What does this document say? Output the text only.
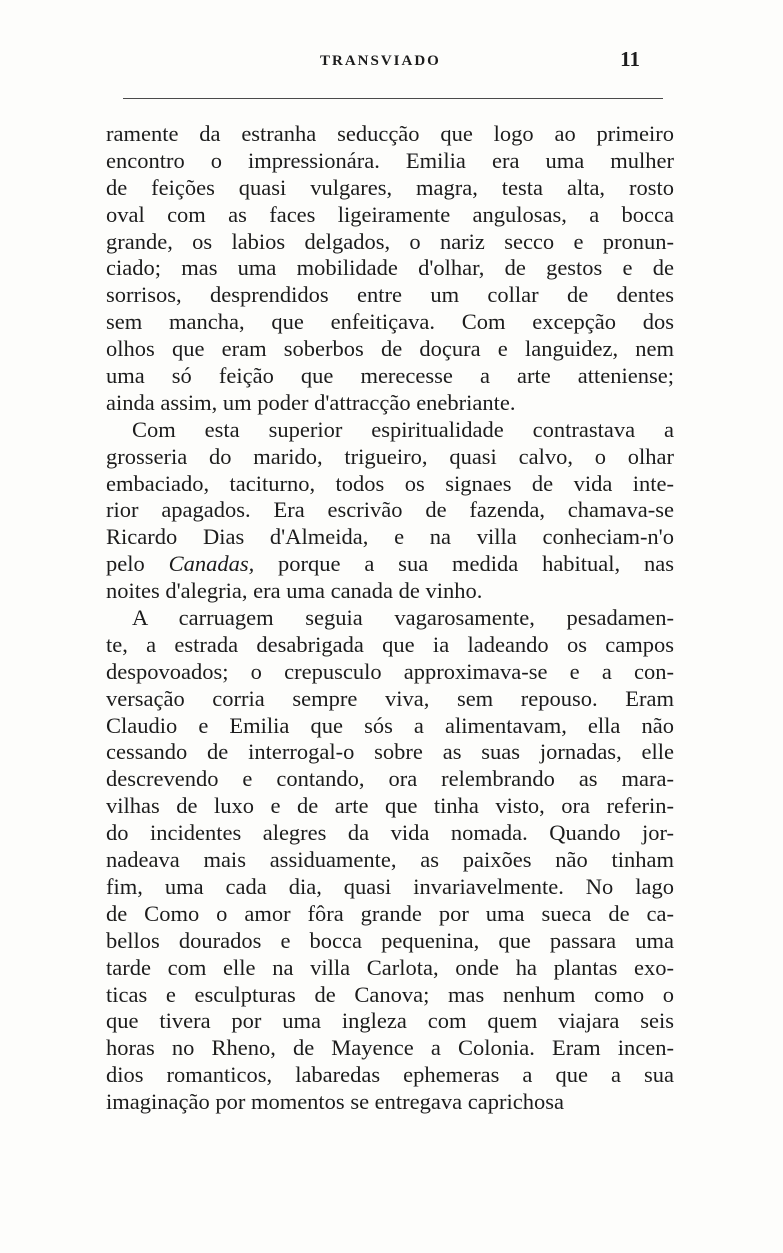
TRANSVIADO	11
ramente da estranha seducção que logo ao primeiro
encontro o impressionára. Emilia era uma mulher
de feições quasi vulgares, magra, testa alta, rosto
oval com as faces ligeiramente angulosas, a bocca
grande, os labios delgados, o nariz secco e pronun-
ciado; mas uma mobilidade d'olhar, de gestos e de
sorrisos, desprendidos entre um collar de dentes
sem mancha, que enfeitiçava. Com excepção dos
olhos que eram soberbos de doçura e languidez, nem
uma só feição que merecesse a arte atteniense;
ainda assim, um poder d'attracção enebriante.
Com esta superior espiritualidade contrastava a
grosseria do marido, trigueiro, quasi calvo, o olhar
embaciado, taciturno, todos os signaes de vida inte-
rior apagados. Era escrivão de fazenda, chamava-se
Ricardo Dias d'Almeida, e na villa conheciam-n'o
pelo Canadas, porque a sua medida habitual, nas
noites d'alegria, era uma canada de vinho.
A carruagem seguia vagarosamente, pesadamen-
te, a estrada desabrigada que ia ladeando os campos
despovoados; o crepusculo approximava-se e a con-
versação corria sempre viva, sem repouso. Eram
Claudio e Emilia que sós a alimentavam, ella não
cessando de interrogal-o sobre as suas jornadas, elle
descrevendo e contando, ora relembrando as mara-
vilhas de luxo e de arte que tinha visto, ora referin-
do incidentes alegres da vida nomada. Quando jor-
nadeava mais assiduamente, as paixões não tinham
fim, uma cada dia, quasi invariavelmente. No lago
de Como o amor fôra grande por uma sueca de ca-
bellos dourados e bocca pequenina, que passara uma
tarde com elle na villa Carlota, onde ha plantas exo-
ticas e esculpturas de Canova; mas nenhum como o
que tivera por uma ingleza com quem viajara seis
horas no Rheno, de Mayence a Colonia. Eram incen-
dios romanticos, labaredas ephemeras a que a sua
imaginação por momentos se entregava caprichosa
